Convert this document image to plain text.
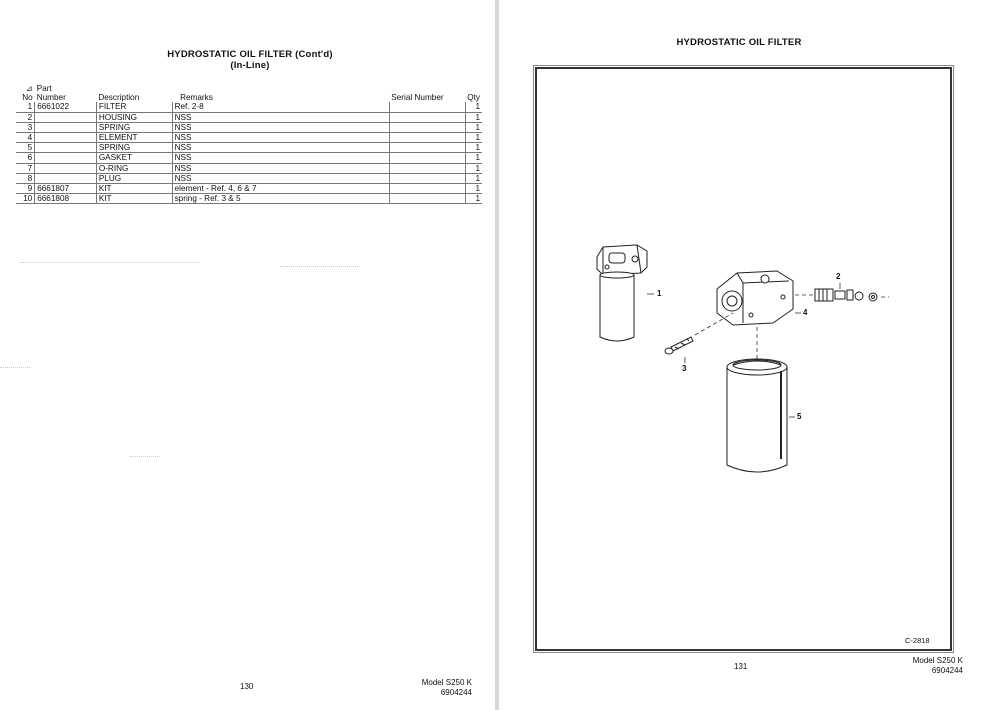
HYDROSTATIC OIL FILTER (Cont'd)
(In-Line)
⊿	Part				
No	Number	Description	Remarks	Serial Number	Qty
1	6661022	FILTER	Ref. 2-8		1
2		HOUSING	NSS		1
3		SPRING	NSS		1
4		ELEMENT	NSS		1
5		SPRING	NSS		1
6		GASKET	NSS		1
7		O-RING	NSS		1
8		PLUG	NSS		1
9	6661807	KIT	element - Ref. 4, 6 & 7		1
10	6661808	KIT	spring - Ref. 3 & 5		1
130	Model S250 K
6904244
HYDROSTATIC OIL FILTER
1
2
3
4
5
C-2818
131
Model S250 K
6904244
